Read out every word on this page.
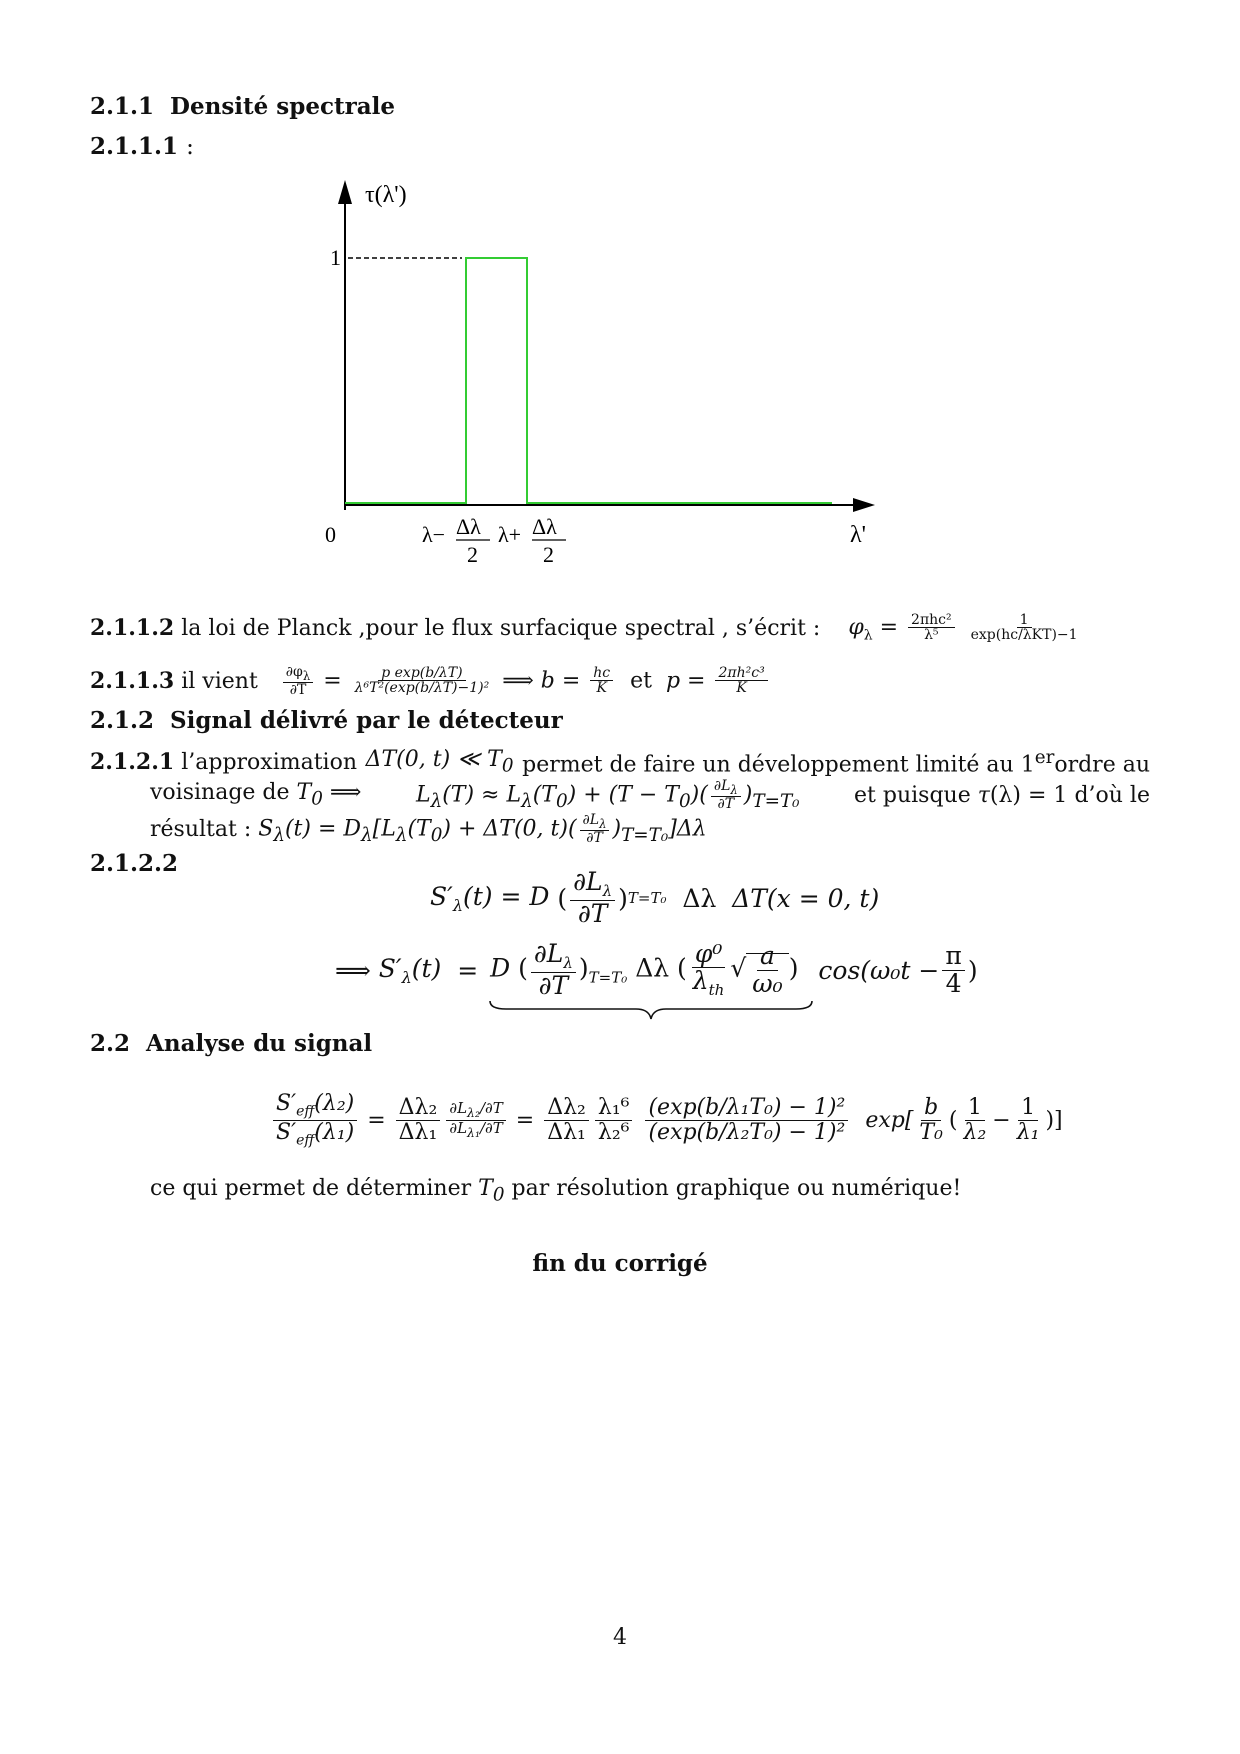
2.1.1 Densité spectrale
2.1.1.1 :
τ(λ')
1
0	λ'
λ− Δλ
2
λ+ Δλ
2
2.1.1.2
la loi de Planck ,pour le flux surfacique spectral , s’écrit : $\varphi_\lambda = \frac{\text{2πhc²}}{\text{λ⁵}}$
$\frac{1}{\text{exp(hc/λKT)−1}}$
2.1.1.3
il vient $\frac{\partial\varphi_\lambda}{\partial T} = \frac{\text{p exp(b/λT)}}{\text{λ⁶T²(exp(b/λT)−1)²}}$ ⟹ $b = \frac{hc}{K}$ et  $p = \frac{\text{2πh²c³}}{K}$
2.1.2 Signal délivré par le détecteur
2.1.2.1 l’approximation ΔT(0, t) ≪ $T_0$ permet de faire un développement limité au 1erordre au
voisinage de $T_0$ ⟹ $L_\lambda(T) \approx L_\lambda(T_0) + (T - T_0)( \frac{\partial L_\lambda}{\partial T} )_{T=T_0}$ et puisque τ(λ) = 1 d’où le
résultat :
$S_\lambda(t) = D_\lambda[L_\lambda(T_0) + \Delta T(0$, $t)( \frac{\partial L_\lambda}{\partial T} )_{T=T_0}]\Delta\lambda$
2.1.2.2
$S'_\lambda(t) = D$ ( $\frac{\partial L_\lambda}{\partial T}$ ) T=T₀ Δλ ΔT(x = 0, t)
⟹ $S'_\lambda(t) = D$ ( $\frac{\partial L_\lambda}{\partial T} )_{T=T_0}$ Δλ ( $\frac{\text{φ⁰}}{\lambda_{th}}$ √ $\frac{a}{\text{ω₀}}$ )
$\cos(\omega_0t - \frac{\pi}{4}$ )
2.2 Analyse du signal
$\frac{S'_{eff}(\lambda_2)}{S'_{eff}(\lambda_1)} = \frac{\text{Δλ₂}}{\text{Δλ₁}} \frac{\partial L_{\lambda_2}/\partial T}{\partial L_{\lambda_1}/\partial T} = \frac{\text{Δλ₂}}{\text{Δλ₁}} \frac{\text{λ₁⁶}}{\text{λ₂⁶}}$
$\frac{\text{(exp(b/λ₁T₀) − 1)²}}{\text{(exp(b/λ₂T₀) − 1)²}}$
$\exp[ \frac{b}{\text{T₀}}$ ( $\frac{1}{\text{λ₂}} - \frac{1}{\text{λ₁}}$ )]
ce qui permet de déterminer $T_0$ par résolution graphique ou numérique!
fin du corrigé
4
